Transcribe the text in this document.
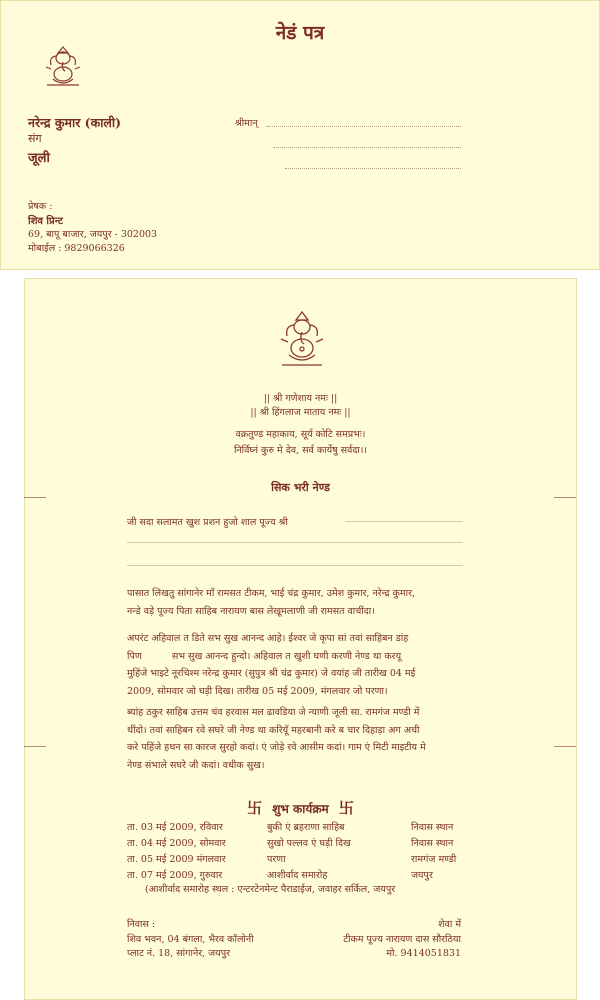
नेडं पत्र
नरेन्द्र कुमार (काली)
संग
जूली
श्रीमान्
प्रेषक :
शिव प्रिन्ट
69, बापू बाजार, जयपुर - 302003
मोबाईल : 9829066326
|| श्री गणेशाय नमः ||
|| श्री हिंगलाज माताय नमः ||
वक्रतुण्ड महाकाय, सूर्य कोटि समप्रभः।
निर्विघ्नं कुरु मे देव, सर्व कार्येषु सर्वदा।।
सिक भरी नेण्ड
जी सदा सलामत खुश प्रशन हुजो शाल पूज्य श्री
पासात लिखतु सांगानेर माँ रामसत टीकम, भाई चंद्र कुमार, उमेश कुमार, नरेन्द्र कुमार,
नन्डे वड़े पूज्य पिता साहिब नारायण बास लेखूमलाणी जी रामसत वाचींदा।
अपरंट अहिवाल त डिते सभ सुख आनन्द आहे। ईश्वर जे कृपा सां तवां साहिबन डांह
पिण          सभ सुख आनन्द हुन्दो। अहिवाल त खुशी घणी करणी नेण्ड था करयू
मुहिंजे भाइटे नूरचिश्म नरेन्द्र कुमार (सुपुत्र श्री चंद्र कुमार) जे वयांह जी तारीख 04 मई
2009, सोमवार जो घड़ी दिख। तारीख 05 मई 2009, मंगलवार जो परणा।
ब्यांह ठकुर साहिब उत्तम चंव हरवास मल ढावडिया जे न्याणी जूली सा. रामगंज मण्डी में
थींदो। तवां साहिबन रवे सघरे जी नेण्ड था करियूँ महरबानी करे ब चार दिहाड़ा अग अची
करे पहिंजे हथन सा कारज सुरहो कदां। एं जोड़े रवे आसीम कदां। गाम एं मिटी माइटीय मे
नेण्ड संभाले सघरे जी कदां। वधीक सुख।
卐 शुभ कार्यक्रम 卐
ता. 03 मई 2009, रविवार	बुकी एं ब्रहराणा साहिब	निवास स्थान
ता. 04 मई 2009, सोमवार	सुखो पल्लव एं घड़ी दिख	निवास स्थान
ता. 05 मई 2009 मंगलवार	परणा	रामगंज मण्डी
ता. 07 मई 2009, गुरुवार	आशीर्वाद समारोह	जयपुर
(आशीर्वाद समारोह स्थल : एन्टरटेनमेन्ट पैराडाईज, जवाहर सर्किल, जयपुर
निवास :
शिव भवन, 04 बंगला, भैरव कॉलोनी
प्लाट नं. 18, सांगानेर, जयपुर
शेवा में
टीकम पूज्य नारायण दास सौरठिया
मो. 9414051831
